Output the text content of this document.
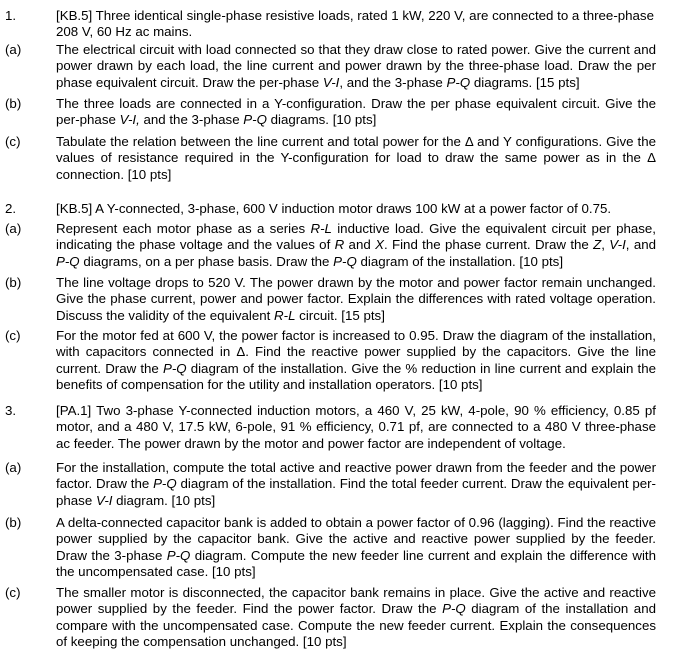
1.	[KB.5] Three identical single-phase resistive loads, rated 1 kW, 220 V, are connected to a three-phase 208 V, 60 Hz ac mains.

(a)	The electrical circuit with load connected so that they draw close to rated power. Give the current and power drawn by each load, the line current and power drawn by the three-phase load. Draw the per phase equivalent circuit. Draw the per-phase V-I, and the 3-phase P-Q diagrams. [15 pts]

(b)	The three loads are connected in a Y-configuration. Draw the per phase equivalent circuit. Give the per-phase V-I, and the 3-phase P-Q diagrams. [10 pts]

(c)	Tabulate the relation between the line current and total power for the Δ and Y configurations. Give the values of resistance required in the Y-configuration for load to draw the same power as in the Δ connection. [10 pts]

2.	[KB.5] A Y-connected, 3-phase, 600 V induction motor draws 100 kW at a power factor of 0.75.

(a)	Represent each motor phase as a series R-L inductive load. Give the equivalent circuit per phase, indicating the phase voltage and the values of R and X. Find the phase current. Draw the Z, V-I, and P-Q diagrams, on a per phase basis. Draw the P-Q diagram of the installation. [10 pts]

(b)	The line voltage drops to 520 V. The power drawn by the motor and power factor remain unchanged. Give the phase current, power and power factor. Explain the differences with rated voltage operation. Discuss the validity of the equivalent R-L circuit. [15 pts]

(c)	For the motor fed at 600 V, the power factor is increased to 0.95. Draw the diagram of the installation, with capacitors connected in Δ. Find the reactive power supplied by the capacitors. Give the line current. Draw the P-Q diagram of the installation. Give the % reduction in line current and explain the benefits of compensation for the utility and installation operators. [10 pts]

3.	[PA.1] Two 3-phase Y-connected induction motors, a 460 V, 25 kW, 4-pole, 90 % efficiency, 0.85 pf motor, and a 480 V, 17.5 kW, 6-pole, 91 % efficiency, 0.71 pf, are connected to a 480 V three-phase ac feeder. The power drawn by the motor and power factor are independent of voltage.

(a)	For the installation, compute the total active and reactive power drawn from the feeder and the power factor. Draw the P-Q diagram of the installation. Find the total feeder current. Draw the equivalent per-phase V-I diagram. [10 pts]

(b)	A delta-connected capacitor bank is added to obtain a power factor of 0.96 (lagging). Find the reactive power supplied by the capacitor bank. Give the active and reactive power supplied by the feeder. Draw the 3-phase P-Q diagram. Compute the new feeder line current and explain the difference with the uncompensated case. [10 pts]

(c)	The smaller motor is disconnected, the capacitor bank remains in place. Give the active and reactive power supplied by the feeder. Find the power factor. Draw the P-Q diagram of the installation and compare with the uncompensated case. Compute the new feeder current. Explain the consequences of keeping the compensation unchanged. [10 pts]
